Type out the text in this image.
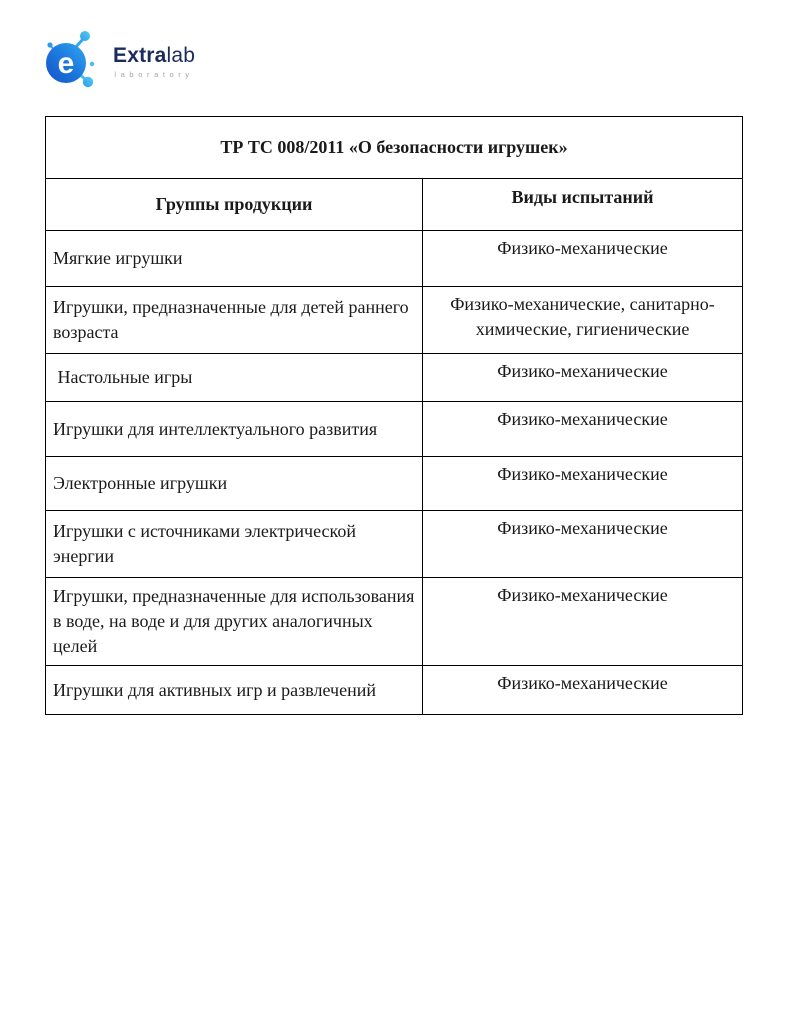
e Extralab
laboratory
ТР ТС 008/2011 «О безопасности игрушек»	
Группы продукции	Виды испытаний
Мягкие игрушки	Физико-механические
Игрушки, предназначенные для детей раннего возраста	Физико-механические, санитарно-химические, гигиенические
Настольные игры	Физико-механические
Игрушки для интеллектуального развития	Физико-механические
Электронные игрушки	Физико-механические
Игрушки с источниками электрической энергии	Физико-механические
Игрушки, предназначенные для использования в воде, на воде и для других аналогичных целей	Физико-механические
Игрушки для активных игр и развлечений	Физико-механические
